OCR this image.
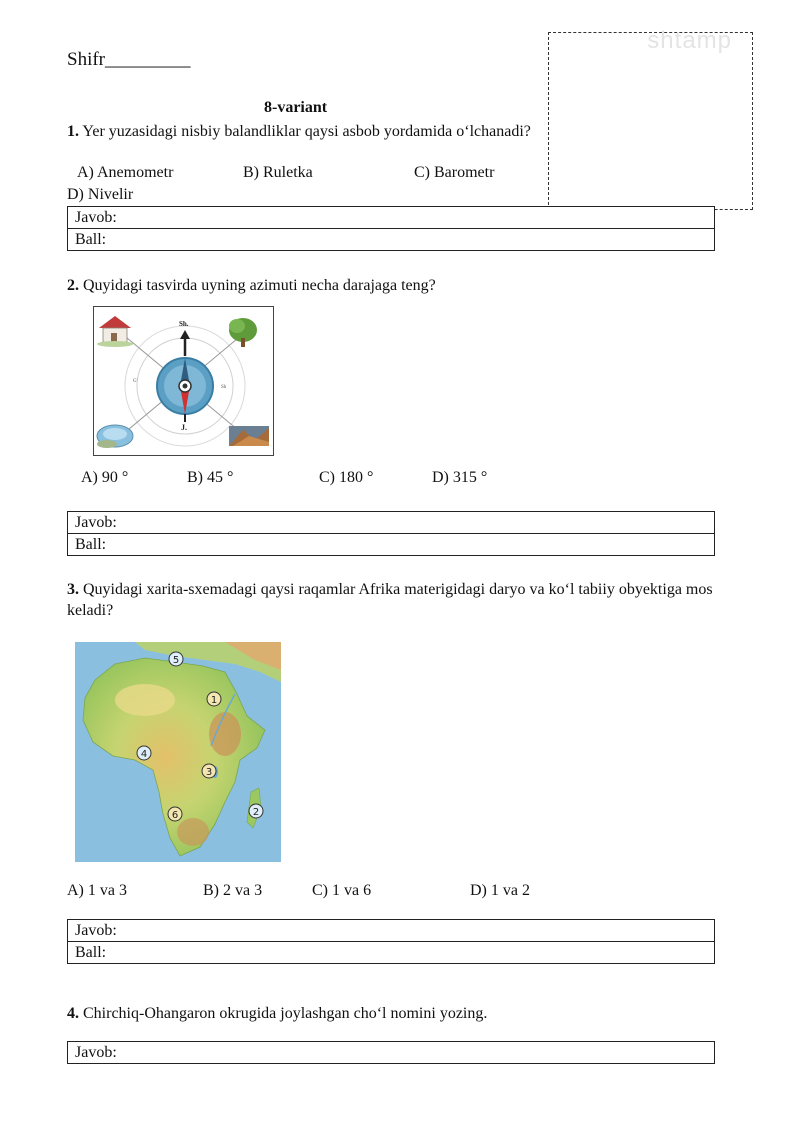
Shifr_________
shtamp
8-variant
1. Yer yuzasidagi nisbiy balandliklar qaysi asbob yordamida o‘lchanadi?
A) Anemometr	B) Ruletka	C) Barometr
D) Nivelir
Javob:
Ball:
2. Quyidagi tasvirda uyning azimuti necha darajaga teng?
Sh.
J.
G'
Sh
A) 90 °	B) 45 °	C) 180 °	D) 315 °
Javob:
Ball:
3. Quyidagi xarita-sxemadagi qaysi raqamlar Afrika materigidagi daryo va ko‘l tabiiy obyektiga mos keladi?
5
1
4
3
6	2
A) 1 va 3	B) 2 va 3	C) 1 va 6	D) 1 va 2
Javob:
Ball:
4. Chirchiq-Ohangaron okrugida joylashgan cho‘l nomini yozing.
Javob:
